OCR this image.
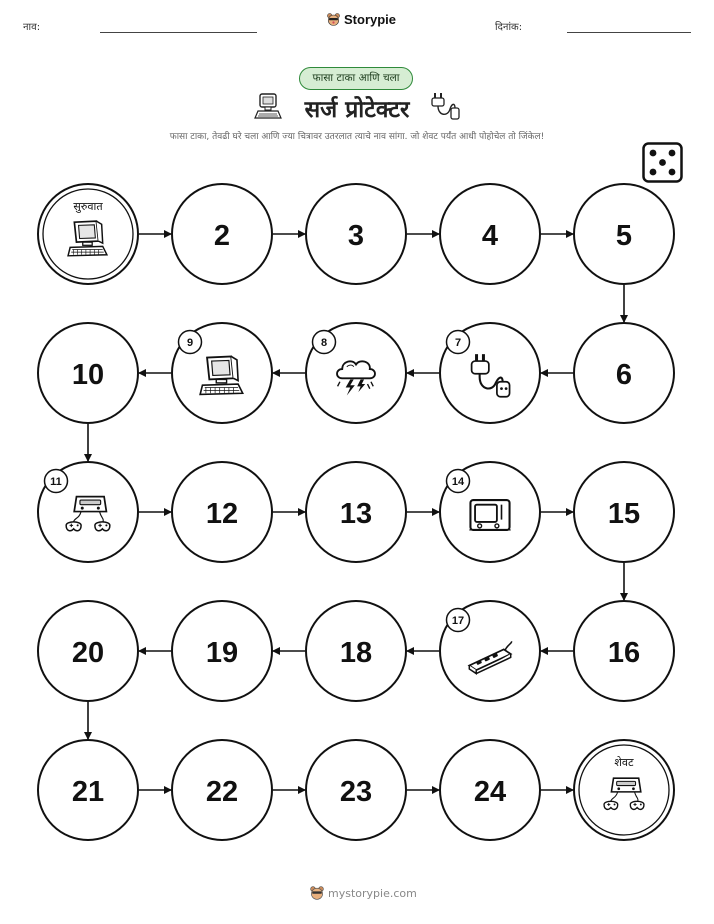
नाव:
Storypie
दिनांक:
फासा टाका आणि चला
सर्ज प्रोटेक्टर
फासा टाका, तेवढी घरे चला आणि ज्या चित्रावर उतरलात त्याचे नाव सांगा. जो शेवट पर्यंत आधी पोहोचेल तो जिंकेल!
सुरुवात
2	3	4	5
6
7
8
9
10
11
12	13
14
15
16
17
18
19
20
21	22	23	24
शेवट
mystorypie.com
